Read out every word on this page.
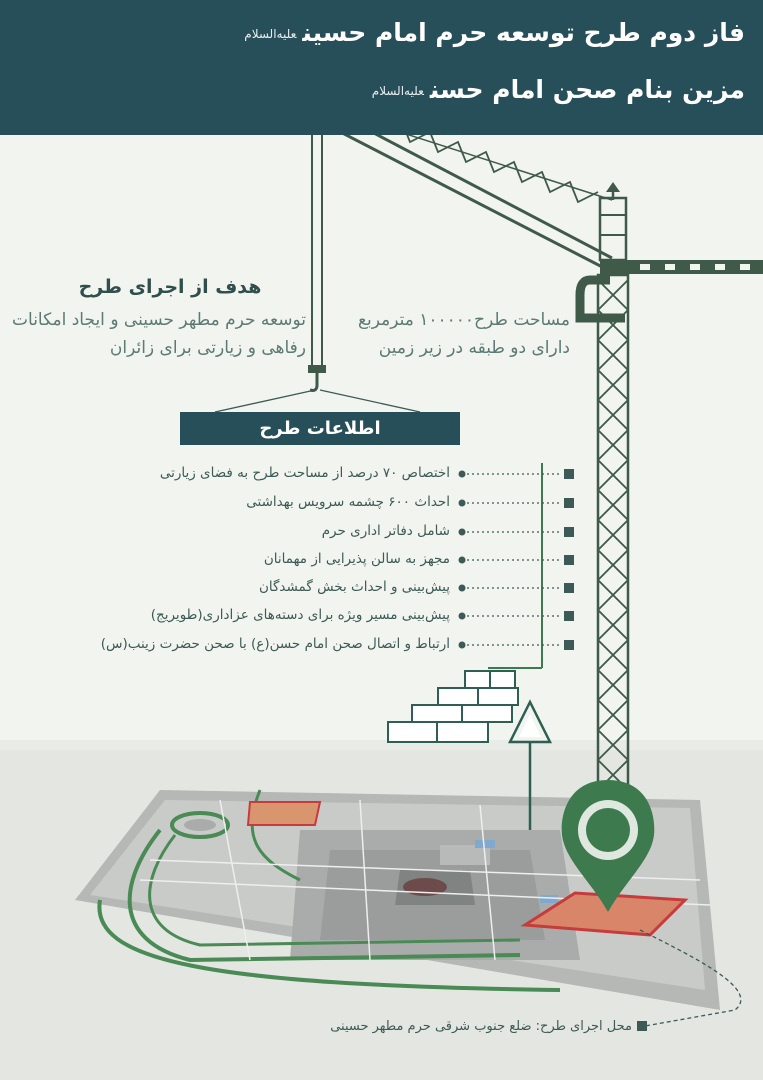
فاز دوم طرح توسعه حرم امام حسینعلیه‌السلام
مزین بنام صحن امام حسنعلیه‌السلام
هدف از اجرای طرح
توسعه حرم مطهر حسینی و ایجاد امکانات رفاهی و زیارتی برای زائران
مساحت طرح۱۰۰۰۰۰ مترمربع دارای دو طبقه در زیر زمین
اطلاعات طرح
اختصاص ۷۰ درصد از مساحت طرح به فضای زیارتی
احداث ۶۰۰ چشمه سرویس بهداشتی
شامل دفاتر اداری حرم
مجهز به سالن پذیرایی از مهمانان
پیش‌بینی و احداث بخش گمشدگان
پیش‌بینی مسیر ویژه برای دسته‌های عزاداری(طویریج)
ارتباط و اتصال صحن امام حسن(ع) با صحن حضرت زینب(س)
محل اجرای طرح: ضلع جنوب شرقی حرم مطهر حسینی
